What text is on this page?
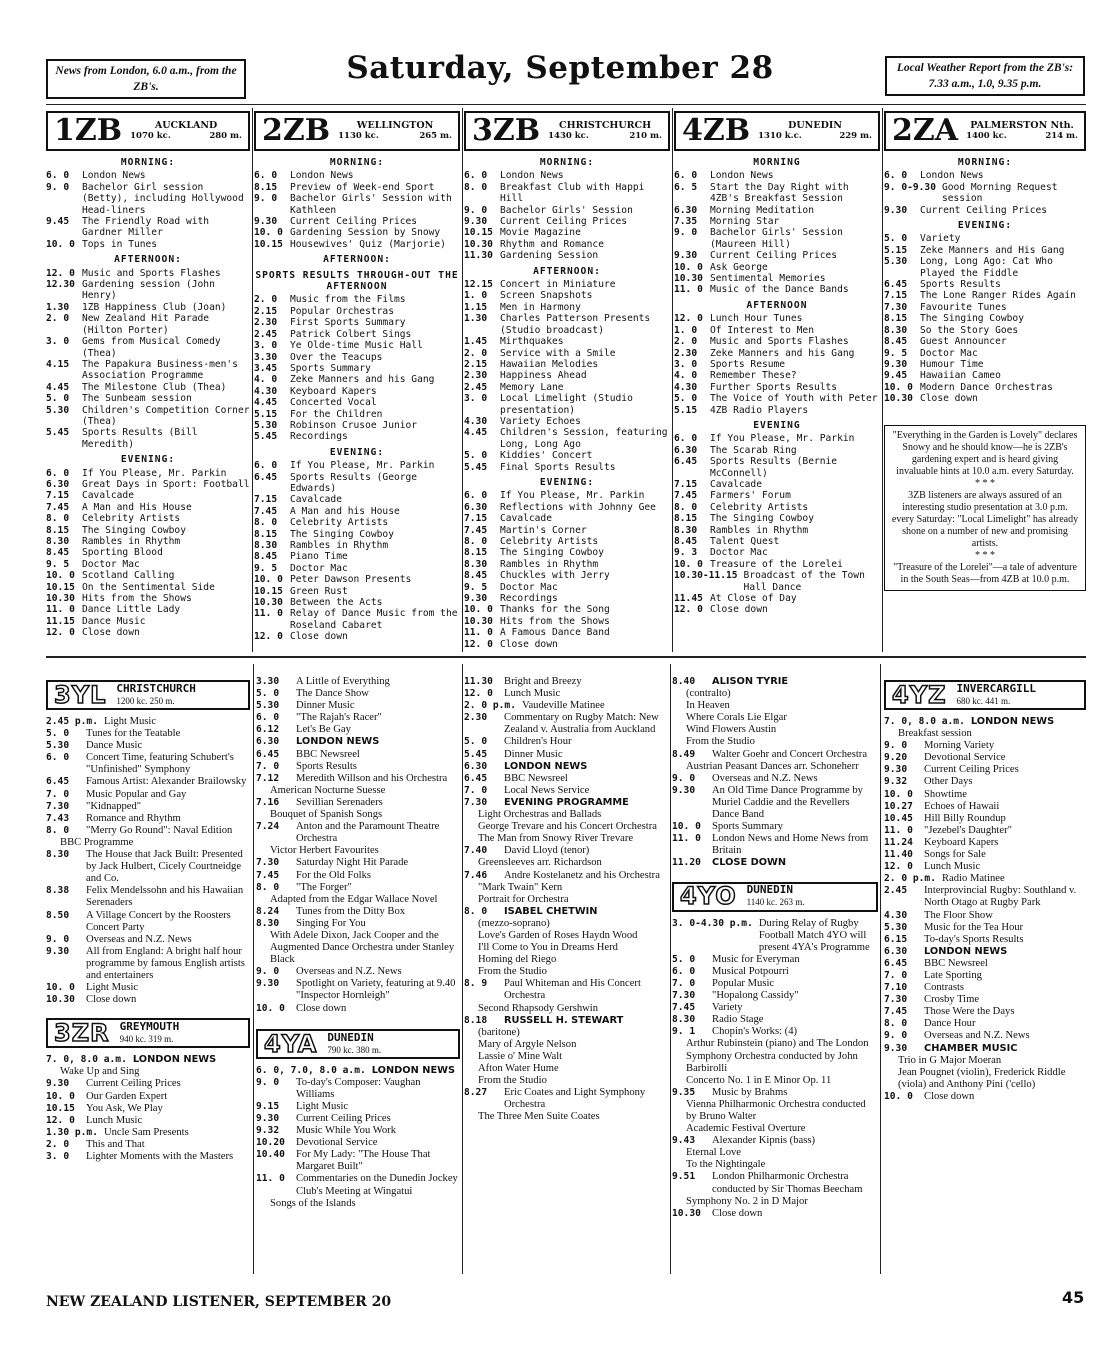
News from London, 6.0 a.m., from the ZB's.
Saturday, September 28	Local Weather Report from the ZB's: 7.33 a.m., 1.0, 9.35 p.m.
1ZB	AUCKLAND
1070 kc.	280 m.
MORNING:
6. 0	London News
9. 0	Bachelor Girl session (Betty), including Hollywood Head-liners
9.45	The Friendly Road with Gardner Miller
10. 0 Tops in Tunes
AFTERNOON:
12. 0 Music and Sports Flashes
12.30 Gardening session (John Henry)
1.30	1ZB Happiness Club (Joan)
2. 0	New Zealand Hit Parade (Hilton Porter)
3. 0	Gems from Musical Comedy (Thea)
4.15	The Papakura Business-men's Association Programme
4.45	The Milestone Club (Thea)
5. 0	The Sunbeam session
5.30	Children's Competition Corner (Thea)
5.45	Sports Results (Bill Meredith)
EVENING:
6. 0	If You Please, Mr. Parkin
6.30	Great Days in Sport: Football
7.15	Cavalcade
7.45	A Man and His House
8. 0	Celebrity Artists
8.15	The Singing Cowboy
8.30	Rambles in Rhythm
8.45	Sporting Blood
9. 5	Doctor Mac
10. 0 Scotland Calling
10.15 On the Sentimental Side
10.30 Hits from the Shows
11. 0 Dance Little Lady
11.15 Dance Music
12. 0 Close down
2ZB	WELLINGTON
1130 kc.	265 m.
MORNING:
6. 0	London News
8.15	Preview of Week-end Sport
9. 0	Bachelor Girls' Session with Kathleen
9.30	Current Ceiling Prices
10. 0 Gardening Session by Snowy
10.15 Housewives' Quiz (Marjorie)
AFTERNOON:
SPORTS RESULTS THROUGH-OUT THE AFTERNOON
2. 0	Music from the Films
2.15	Popular Orchestras
2.30	First Sports Summary
2.45	Patrick Colbert Sings
3. 0	Ye Olde-time Music Hall
3.30	Over the Teacups
3.45	Sports Summary
4. 0	Zeke Manners and his Gang
4.30	Keyboard Kapers
4.45	Concerted Vocal
5.15	For the Children
5.30	Robinson Crusoe Junior
5.45	Recordings
EVENING:
6. 0	If You Please, Mr. Parkin
6.45	Sports Results (George Edwards)
7.15	Cavalcade
7.45	A Man and his House
8. 0	Celebrity Artists
8.15	The Singing Cowboy
8.30	Rambles in Rhythm
8.45	Piano Time
9. 5	Doctor Mac
10. 0 Peter Dawson Presents
10.15 Green Rust
10.30 Between the Acts
11. 0 Relay of Dance Music from the Roseland Cabaret
12. 0 Close down
3ZB	CHRISTCHURCH
1430 kc.	210 m.
MORNING:
6. 0	London News
8. 0	Breakfast Club with Happi Hill
9. 0	Bachelor Girls' Session
9.30	Current Ceiling Prices
10.15 Movie Magazine
10.30 Rhythm and Romance
11.30 Gardening Session
AFTERNOON:
12.15 Concert in Miniature
1. 0	Screen Snapshots
1.15	Men in Harmony
1.30	Charles Patterson Presents (Studio broadcast)
1.45	Mirthquakes
2. 0	Service with a Smile
2.15	Hawaiian Melodies
2.30	Happiness Ahead
2.45	Memory Lane
3. 0	Local Limelight (Studio presentation)
4.30	Variety Echoes
4.45	Children's Session, featuring Long, Long Ago
5. 0	Kiddies' Concert
5.45	Final Sports Results
EVENING:
6. 0	If You Please, Mr. Parkin
6.30	Reflections with Johnny Gee
7.15	Cavalcade
7.45	Martin's Corner
8. 0	Celebrity Artists
8.15	The Singing Cowboy
8.30	Rambles in Rhythm
8.45	Chuckles with Jerry
9. 5	Doctor Mac
9.30	Recordings
10. 0 Thanks for the Song
10.30 Hits from the Shows
11. 0 A Famous Dance Band
12. 0 Close down
4ZB	DUNEDIN
1310 k.c.	229 m.
MORNING
6. 0	London News
6. 5	Start the Day Right with 4ZB's Breakfast Session
6.30	Morning Meditation
7.35	Morning Star
9. 0	Bachelor Girls' Session (Maureen Hill)
9.30	Current Ceiling Prices
10. 0 Ask George
10.30 Sentimental Memories
11. 0 Music of the Dance Bands
AFTERNOON
12. 0 Lunch Hour Tunes
1. 0	Of Interest to Men
2. 0	Music and Sports Flashes
2.30	Zeke Manners and his Gang
3. 0	Sports Resume
4. 0	Remember These?
4.30	Further Sports Results
5. 0	The Voice of Youth with Peter
5.15	4ZB Radio Players
EVENING
6. 0	If You Please, Mr. Parkin
6.30	The Scarab Ring
6.45	Sports Results (Bernie McConnell)
7.15	Cavalcade
7.45	Farmers' Forum
8. 0	Celebrity Artists
8.15	The Singing Cowboy
8.30	Rambles in Rhythm
8.45	Talent Quest
9. 3	Doctor Mac
10. 0 Treasure of the Lorelei
10.30-11.15 Broadcast of the Town Hall Dance
11.45 At Close of Day
12. 0 Close down
2ZA	PALMERSTON Nth.
1400 kc.	214 m.
MORNING:
6. 0	London News
9. 0-9.30 Good Morning Request session
9.30	Current Ceiling Prices
EVENING:
5. 0	Variety
5.15	Zeke Manners and His Gang
5.30	Long, Long Ago: Cat Who Played the Fiddle
6.45	Sports Results
7.15	The Lone Ranger Rides Again
7.30	Favourite Tunes
8.15	The Singing Cowboy
8.30	So the Story Goes
8.45	Guest Announcer
9. 5	Doctor Mac
9.30	Humour Time
9.45	Hawaiian Cameo
10. 0 Modern Dance Orchestras
10.30 Close down
"Everything in the Garden is Lovely" declares Snowy and he should know—he is 2ZB's gardening expert and is heard giving invaluable hints at 10.0 a.m. every Saturday.
* * *
3ZB listeners are always assured of an interesting studio presentation at 3.0 p.m. every Saturday: "Local Limelight" has already shone on a number of new and promising artists.
* * *
"Treasure of the Lorelei"—a tale of adventure in the South Seas—from 4ZB at 10.0 p.m.
3YL CHRISTCHURCH
1200 kc. 250 m.
2.45 p.m. Light Music
5. 0	Tunes for the Teatable
5.30	Dance Music
6. 0	Concert Time, featuring Schubert's "Unfinished" Symphony
6.45	Famous Artist: Alexander Brailowsky
7. 0	Music Popular and Gay
7.30	"Kidnapped"
7.43	Romance and Rhythm
8. 0	"Merry Go Round": Naval Edition
BBC Programme
8.30	The House that Jack Built: Presented by Jack Hulbert, Cicely Courtneidge and Co.
8.38	Felix Mendelssohn and his Hawaiian Serenaders
8.50	A Village Concert by the Roosters Concert Party
9. 0	Overseas and N.Z. News
9.30	All from England: A bright half hour programme by famous English artists and entertainers
10. 0	Light Music
10.30	Close down
3ZR GREYMOUTH
940 kc. 319 m.
7. 0, 8.0 a.m. LONDON NEWS
Wake Up and Sing
9.30	Current Ceiling Prices
10. 0	Our Garden Expert
10.15	You Ask, We Play
12. 0	Lunch Music
1.30 p.m. Uncle Sam Presents
2. 0	This and That
3. 0	Lighter Moments with the Masters
3.30	A Little of Everything
5. 0	The Dance Show
5.30	Dinner Music
6. 0	"The Rajah's Racer"
6.12	Let's Be Gay
6.30	LONDON NEWS
6.45	BBC Newsreel
7. 0	Sports Results
7.12	Meredith Willson and his Orchestra
American Nocturne Suesse
7.16	Sevillian Serenaders
Bouquet of Spanish Songs
7.24	Anton and the Paramount Theatre Orchestra
Victor Herbert Favourites
7.30	Saturday Night Hit Parade
7.45	For the Old Folks
8. 0	"The Forger"
Adapted from the Edgar Wallace Novel
8.24	Tunes from the Ditty Box
8.30	Singing For You
With Adele Dixon, Jack Cooper and the Augmented Dance Orchestra under Stanley Black
9. 0	Overseas and N.Z. News
9.30	Spotlight on Variety, featuring at 9.40 "Inspector Hornleigh"
10. 0	Close down
4YA DUNEDIN
790 kc. 380 m.
6. 0, 7.0, 8.0 a.m. LONDON NEWS
9. 0	To-day's Composer: Vaughan Williams
9.15	Light Music
9.30	Current Ceiling Prices
9.32	Music While You Work
10.20	Devotional Service
10.40	For My Lady: "The House That Margaret Built"
11. 0	Commentaries on the Dunedin Jockey Club's Meeting at Wingatui
Songs of the Islands
11.30	Bright and Breezy
12. 0	Lunch Music
2. 0 p.m. Vaudeville Matinee
2.30	Commentary on Rugby Match: New Zealand v. Australia from Auckland
5. 0	Children's Hour
5.45	Dinner Music
6.30	LONDON NEWS
6.45	BBC Newsreel
7. 0	Local News Service
7.30	EVENING PROGRAMME
Light Orchestras and Ballads
George Trevare and his Concert Orchestra
The Man from Snowy River Trevare
7.40	David Lloyd (tenor)
Greensleeves arr. Richardson
7.46	Andre Kostelanetz and his Orchestra
"Mark Twain" Kern
Portrait for Orchestra
8. 0	ISABEL CHETWIN
(mezzo-soprano)
Love's Garden of Roses Haydn Wood
I'll Come to You in Dreams Herd
Homing del Riego
From the Studio
8. 9	Paul Whiteman and His Concert Orchestra
Second Rhapsody Gershwin
8.18	RUSSELL H. STEWART
(baritone)
Mary of Argyle Nelson
Lassie o' Mine Walt
Afton Water Hume
From the Studio
8.27	Eric Coates and Light Symphony Orchestra
The Three Men Suite Coates
8.40	ALISON TYRIE
(contralto)
In Heaven
Where Corals Lie Elgar
Wind Flowers Austin
From the Studio
8.49	Walter Goehr and Concert Orchestra
Austrian Peasant Dances arr. Schoneherr
9. 0	Overseas and N.Z. News
9.30	An Old Time Dance Programme by Muriel Caddie and the Revellers Dance Band
10. 0	Sports Summary
11. 0	London News and Home News from Britain
11.20	CLOSE DOWN
4YO DUNEDIN
1140 kc. 263 m.
3. 0-4.30 p.m. During Relay of Rugby Football Match 4YO will present 4YA's Programme
5. 0	Music for Everyman
6. 0	Musical Potpourri
7. 0	Popular Music
7.30	"Hopalong Cassidy"
7.45	Variety
8.30	Radio Stage
9. 1	Chopin's Works: (4)
Arthur Rubinstein (piano) and The London Symphony Orchestra conducted by John Barbirolli
Concerto No. 1 in E Minor Op. 11
9.35	Music by Brahms
Vienna Philharmonic Orchestra conducted by Bruno Walter
Academic Festival Overture
9.43	Alexander Kipnis (bass)
Eternal Love
To the Nightingale
9.51	London Philharmonic Orchestra conducted by Sir Thomas Beecham
Symphony No. 2 in D Major
10.30	Close down
4YZ INVERCARGILL
680 kc. 441 m.
7. 0, 8.0 a.m. LONDON NEWS
Breakfast session
9. 0	Morning Variety
9.20	Devotional Service
9.30	Current Ceiling Prices
9.32	Other Days
10. 0	Showtime
10.27	Echoes of Hawaii
10.45	Hill Billy Roundup
11. 0	"Jezebel's Daughter"
11.24	Keyboard Kapers
11.40	Songs for Sale
12. 0	Lunch Music
2. 0 p.m. Radio Matinee
2.45	Interprovincial Rugby: Southland v. North Otago at Rugby Park
4.30	The Floor Show
5.30	Music for the Tea Hour
6.15	To-day's Sports Results
6.30	LONDON NEWS
6.45	BBC Newsreel
7. 0	Late Sporting
7.10	Contrasts
7.30	Crosby Time
7.45	Those Were the Days
8. 0	Dance Hour
9. 0	Overseas and N.Z. News
9.30	CHAMBER MUSIC
Trio in G Major Moeran
Jean Pougnet (violin), Frederick Riddle (viola) and Anthony Pini ('cello)
10. 0	Close down
NEW ZEALAND LISTENER, SEPTEMBER 20	45
